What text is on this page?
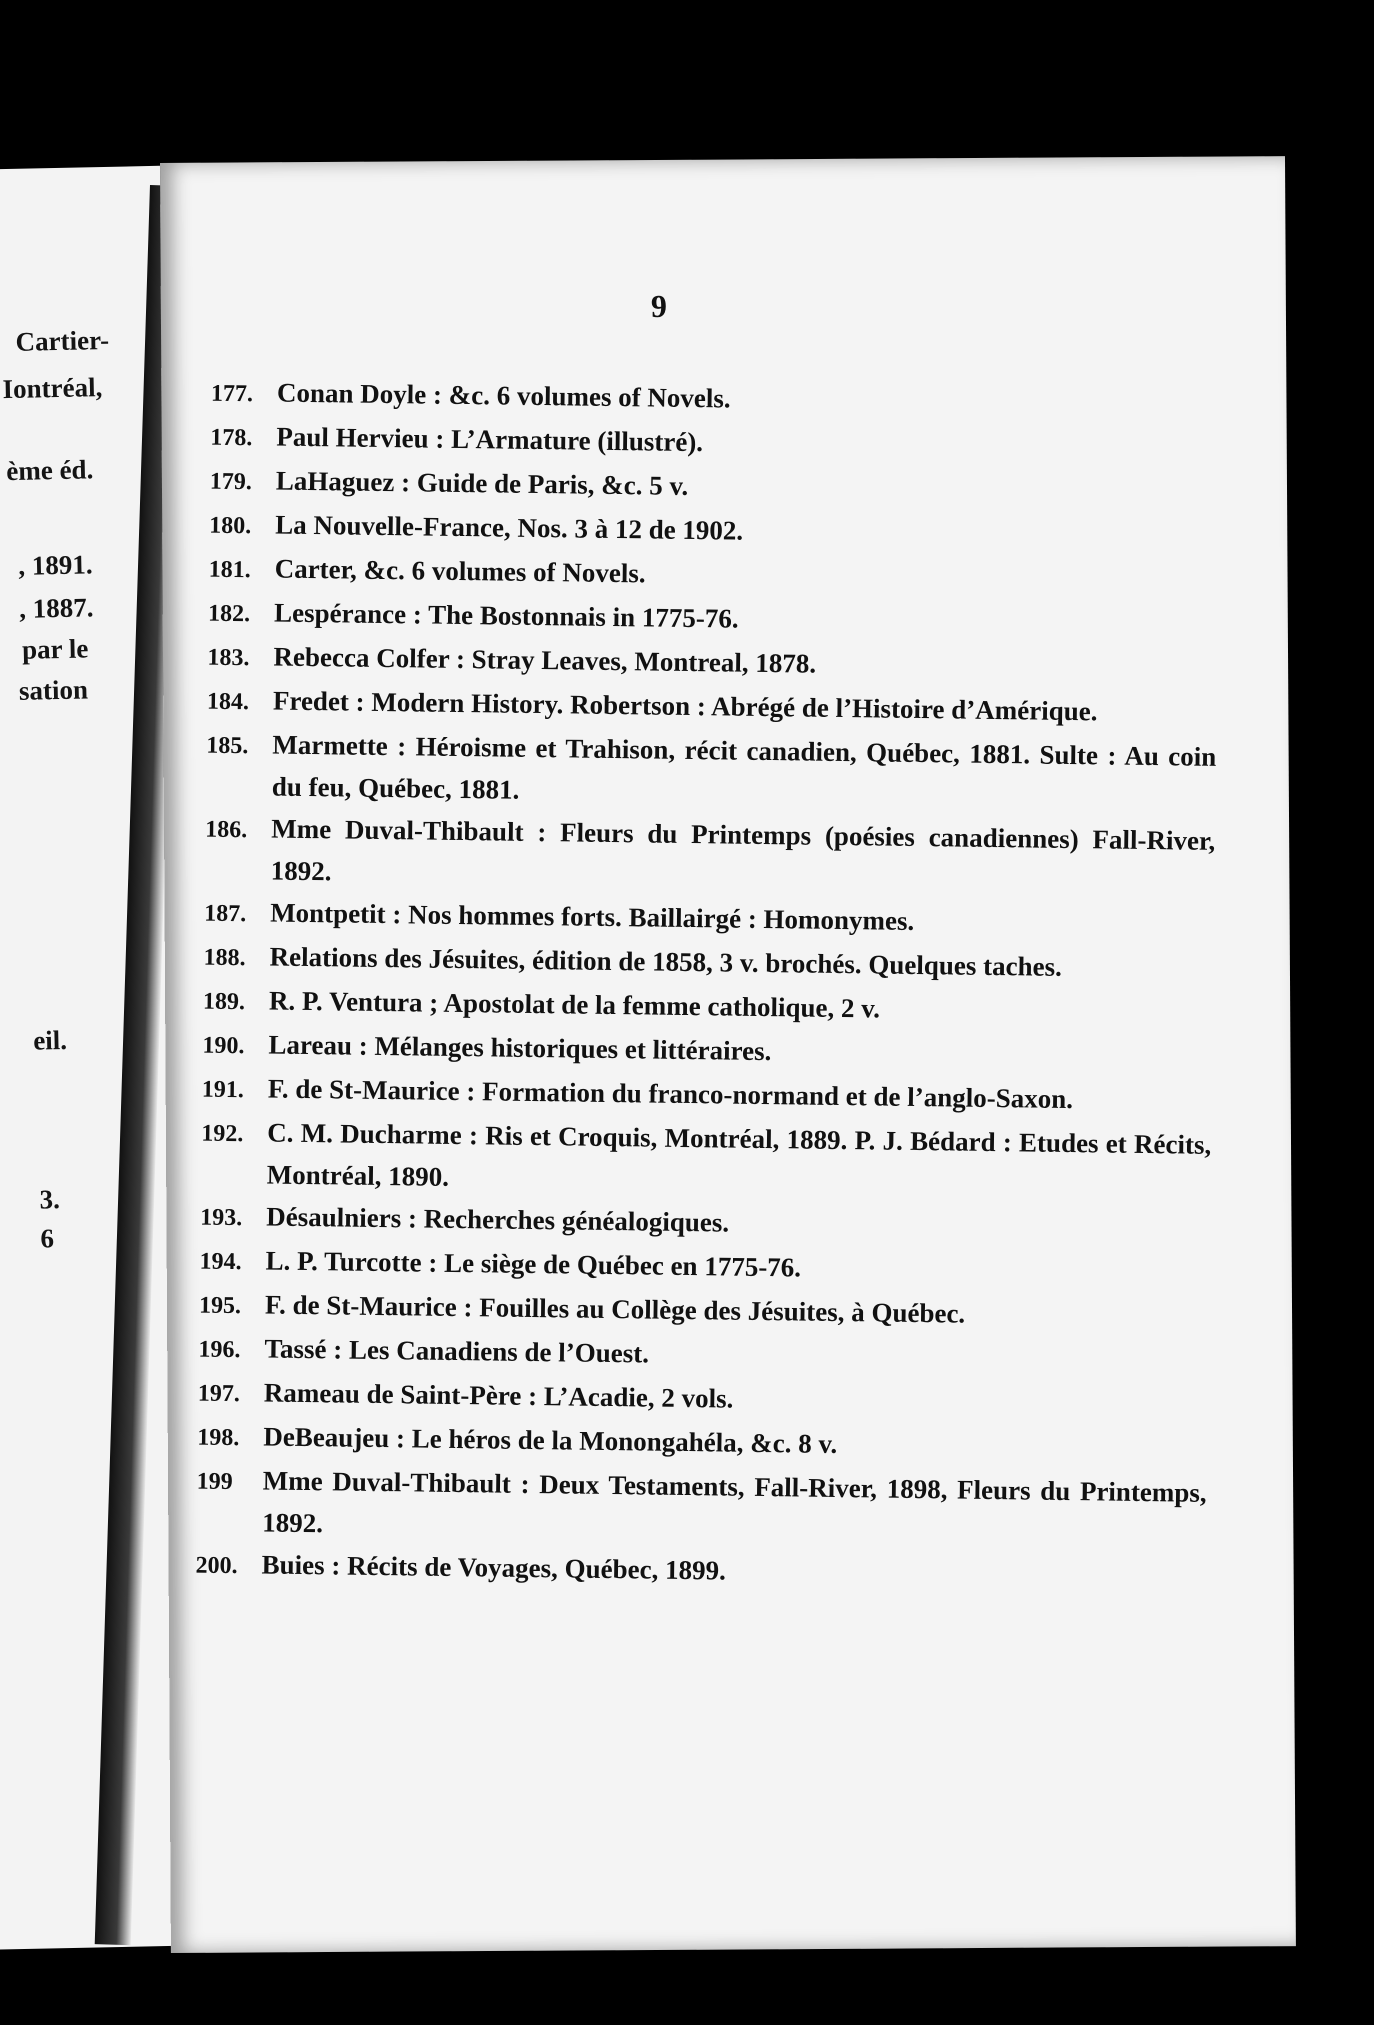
Cartier-
Iontréal,
ème éd.
, 1891.
, 1887.
par le
sation
eil.
3.
6
9
177. Conan Doyle : &c. 6 volumes of Novels.
178. Paul Hervieu : L’Armature (illustré).
179. LaHaguez : Guide de Paris, &c. 5 v.
180. La Nouvelle-France, Nos. 3 à 12 de 1902.
181. Carter, &c. 6 volumes of Novels.
182. Lespérance : The Bostonnais in 1775-76.
183. Rebecca Colfer : Stray Leaves, Montreal, 1878.
184. Fredet : Modern History. Robertson : Abrégé de l’Histoire d’Amérique.
185. Marmette : Héroisme et Trahison, récit canadien, Québec, 1881. Sulte : Au coin du feu, Québec, 1881.
186. Mme Duval-Thibault : Fleurs du Printemps (poésies canadiennes) Fall-River, 1892.
187. Montpetit : Nos hommes forts. Baillairgé : Homonymes.
188. Relations des Jésuites, édition de 1858, 3 v. brochés. Quelques taches.
189. R. P. Ventura ; Apostolat de la femme catholique, 2 v.
190. Lareau : Mélanges historiques et littéraires.
191. F. de St-Maurice : Formation du franco-normand et de l’anglo-Saxon.
192. C. M. Ducharme : Ris et Croquis, Montréal, 1889. P. J. Bédard : Etudes et Récits, Montréal, 1890.
193. Désaulniers : Recherches généalogiques.
194. L. P. Turcotte : Le siège de Québec en 1775-76.
195. F. de St-Maurice : Fouilles au Collège des Jésuites, à Québec.
196. Tassé : Les Canadiens de l’Ouest.
197. Rameau de Saint-Père : L’Acadie, 2 vols.
198. DeBeaujeu : Le héros de la Monongahéla, &c. 8 v.
199	Mme Duval-Thibault : Deux Testaments, Fall-River, 1898, Fleurs du Printemps, 1892.
200. Buies : Récits de Voyages, Québec, 1899.
